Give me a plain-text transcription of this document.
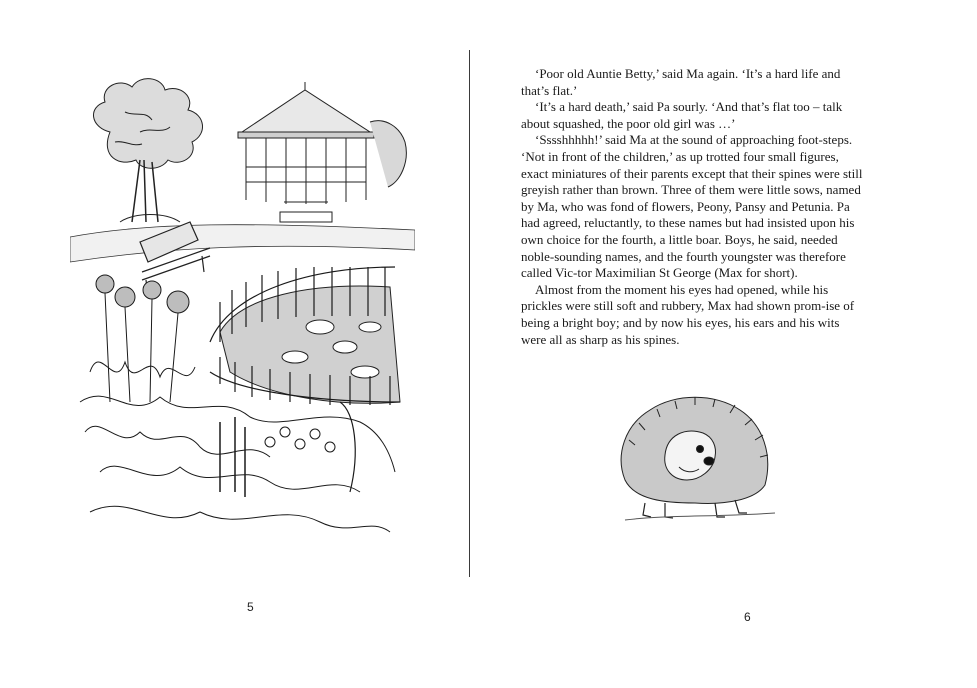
5

‘Poor old Auntie Betty,’ said Ma again. ‘It’s a hard life and that’s flat.’

‘It’s a hard death,’ said Pa sourly. ‘And that’s flat too – talk about squashed, the poor old girl was …’

‘Sssshhhhh!’ said Ma at the sound of approaching foot-steps. ‘Not in front of the children,’ as up trotted four small figures, exact miniatures of their parents except that their spines were still greyish rather than brown. Three of them were little sows, named by Ma, who was fond of flowers, Peony, Pansy and Petunia. Pa had agreed, reluctantly, to these names but had insisted upon his own choice for the fourth, a little boar. Boys, he said, needed noble-sounding names, and the fourth youngster was therefore called Vic-tor Maximilian St George (Max for short).

Almost from the moment his eyes had opened, while his prickles were still soft and rubbery, Max had shown prom-ise of being a bright boy; and by now his eyes, his ears and his wits were all as sharp as his spines.

6
